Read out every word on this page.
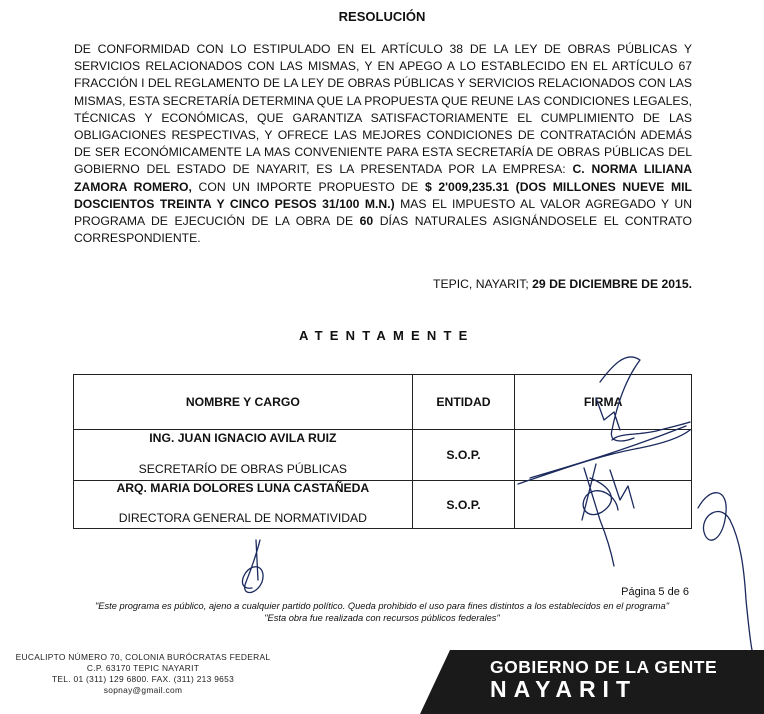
RESOLUCIÓN
DE CONFORMIDAD CON LO ESTIPULADO EN EL ARTÍCULO 38 DE LA LEY DE OBRAS PÚBLICAS Y SERVICIOS RELACIONADOS CON LAS MISMAS, Y EN APEGO A LO ESTABLECIDO EN EL ARTÍCULO 67 FRACCIÓN I DEL REGLAMENTO DE LA LEY DE OBRAS PÚBLICAS Y SERVICIOS RELACIONADOS CON LAS MISMAS, ESTA SECRETARÍA DETERMINA QUE LA PROPUESTA QUE REUNE LAS CONDICIONES LEGALES, TÉCNICAS Y ECONÓMICAS, QUE GARANTIZA SATISFACTORIAMENTE EL CUMPLIMIENTO DE LAS OBLIGACIONES RESPECTIVAS, Y OFRECE LAS MEJORES CONDICIONES DE CONTRATACIÓN ADEMÁS DE SER ECONÓMICAMENTE LA MAS CONVENIENTE PARA ESTA SECRETARÍA DE OBRAS PÚBLICAS DEL GOBIERNO DEL ESTADO DE NAYARIT, ES LA PRESENTADA POR LA EMPRESA: C. NORMA LILIANA ZAMORA ROMERO, CON UN IMPORTE PROPUESTO DE $ 2'009,235.31 (DOS MILLONES NUEVE MIL DOSCIENTOS TREINTA Y CINCO PESOS 31/100 M.N.) MAS EL IMPUESTO AL VALOR AGREGADO Y UN PROGRAMA DE EJECUCIÓN DE LA OBRA DE 60 DÍAS NATURALES ASIGNÁNDOSELE EL CONTRATO CORRESPONDIENTE.
TEPIC, NAYARIT; 29 DE DICIEMBRE DE 2015.
ATENTAMENTE
NOMBRE Y CARGO	ENTIDAD	FIRMA

ING. JUAN IGNACIO AVILA RUIZ
SECRETARÍO DE OBRAS PÚBLICAS	S.O.P.	

ARQ. MARIA DOLORES LUNA CASTAÑEDA
DIRECTORA GENERAL DE NORMATIVIDAD	S.O.P.	
Página 5 de 6
"Este programa es público, ajeno a cualquier partido político. Queda prohibido el uso para fines distintos a los establecidos en el programa"
"Esta obra fue realizada con recursos públicos federales"
EUCALIPTO NÚMERO 70, COLONIA BURÓCRATAS FEDERAL
C.P. 63170 TEPIC NAYARIT
TEL. 01 (311) 129 6800. FAX. (311) 213 9653
sopnay@gmail.com
GOBIERNO DE LA GENTE
NAYARIT
